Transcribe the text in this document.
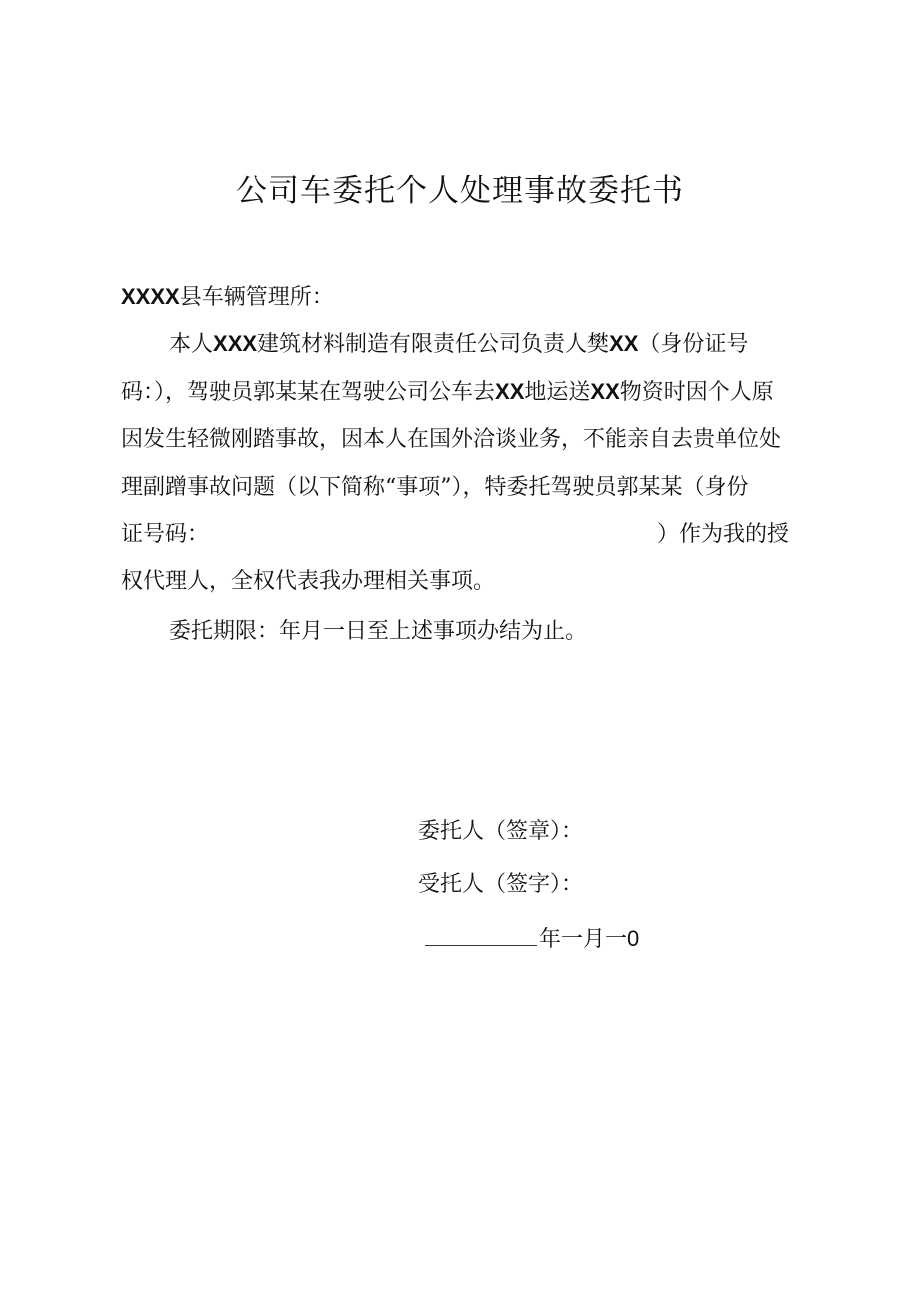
公司车委托个人处理事故委托书
XXXX县车辆管理所：
本人XXX建筑材料制造有限责任公司负责人樊XX（身份证号
码：），驾驶员郭某某在驾驶公司公车去XX地运送XX物资时因个人原
因发生轻微刚踏事故，因本人在国外洽谈业务，不能亲自去贵单位处
理副蹭事故问题（以下简称“事项”），特委托驾驶员郭某某（身份
证号码：	）作为我的授
权代理人，全权代表我办理相关事项。
委托期限：年月一日至上述事项办结为止。
委托人（签章）：
受托人（签字）：
年一月一0
